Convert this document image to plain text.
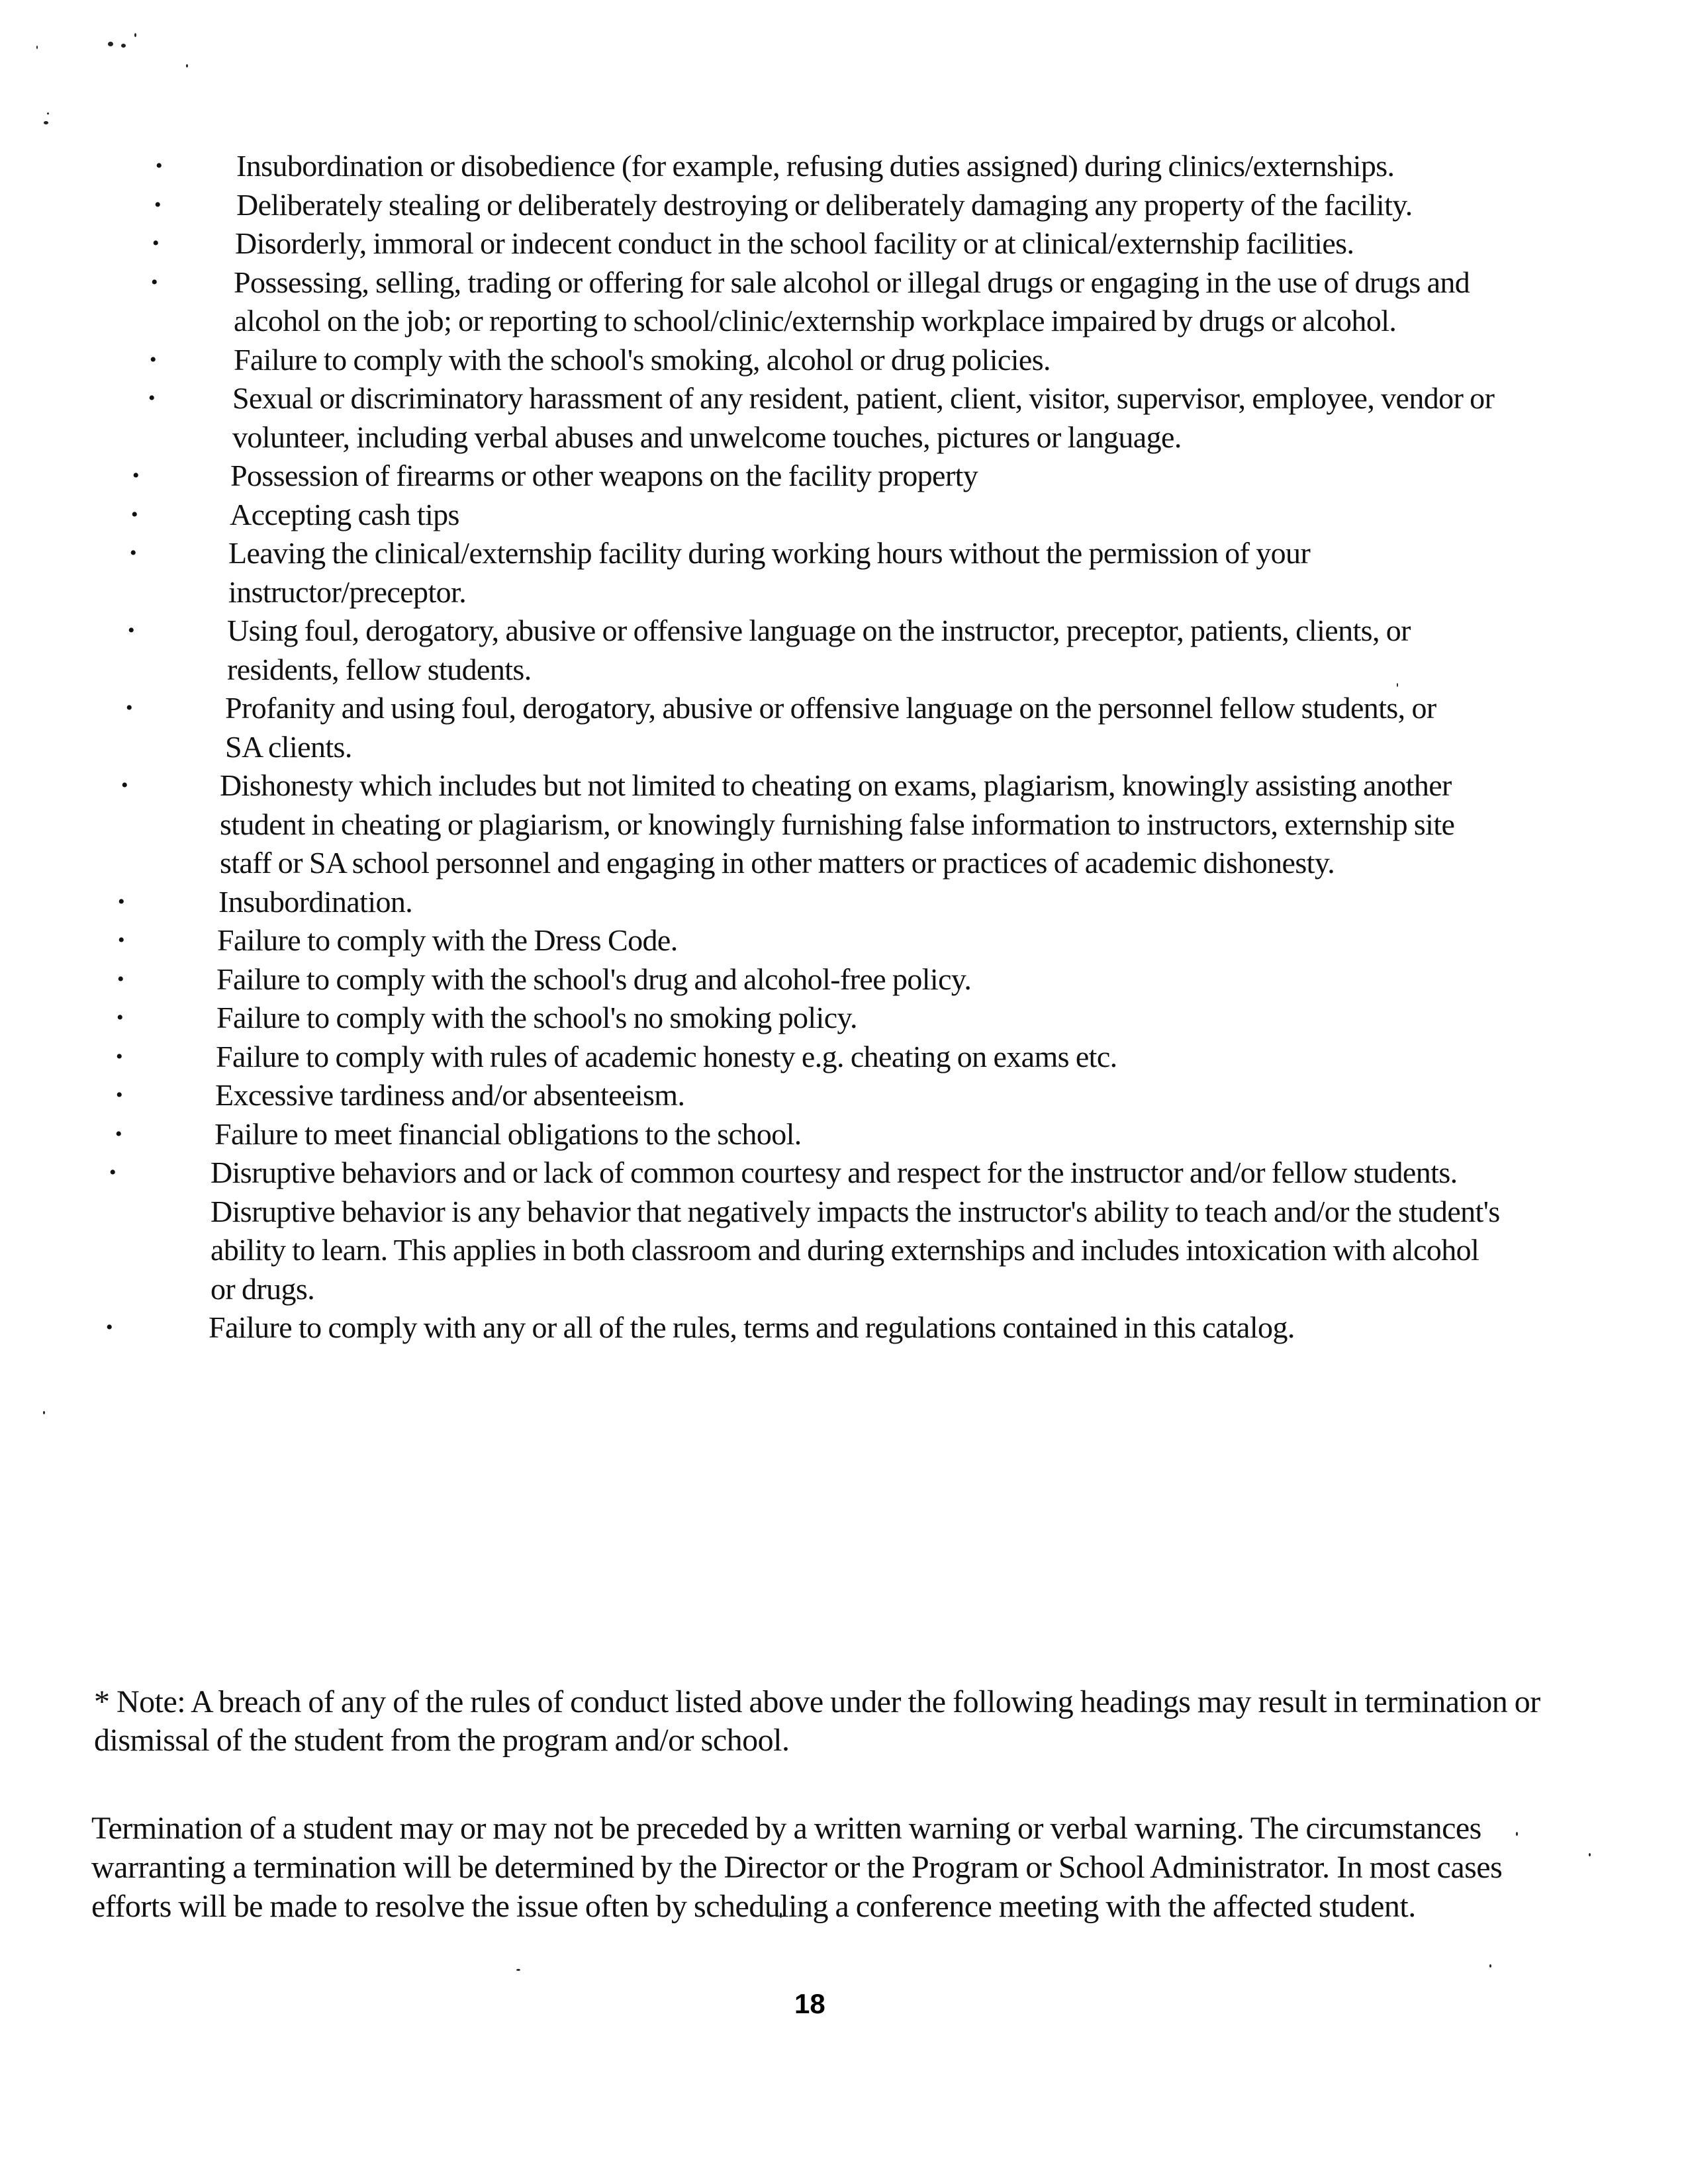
• Insubordination or disobedience (for example, refusing duties assigned) during clinics/externships.
• Deliberately stealing or deliberately destroying or deliberately damaging any property of the facility.
•	Disorderly, immoral or indecent conduct in the school facility or at clinical/externship facilities.
•	Possessing, selling, trading or offering for sale alcohol or illegal drugs or engaging in the use of drugs and alcohol on the job; or reporting to school/clinic/externship workplace impaired by drugs or alcohol.
•	Failure to comply with the school's smoking, alcohol or drug policies.
•	Sexual or discriminatory harassment of any resident, patient, client, visitor, supervisor, employee, vendor or volunteer, including verbal abuses and unwelcome touches, pictures or language.
•	Possession of firearms or other weapons on the facility property
•	Accepting cash tips
•	Leaving the clinical/externship facility during working hours without the permission of your instructor/preceptor.
•	Using foul, derogatory, abusive or offensive language on the instructor, preceptor, patients, clients, or residents, fellow students.
•	Profanity and using foul, derogatory, abusive or offensive language on the personnel fellow students, or SA clients.
•	Dishonesty which includes but not limited to cheating on exams, plagiarism, knowingly assisting another student in cheating or plagiarism, or knowingly furnishing false information to instructors, externship site staff or SA school personnel and engaging in other matters or practices of academic dishonesty.
•	Insubordination.
•	Failure to comply with the Dress Code.
•	Failure to comply with the school's drug and alcohol-free policy.
•	Failure to comply with the school's no smoking policy.
•	Failure to comply with rules of academic honesty e.g. cheating on exams etc.
•	Excessive tardiness and/or absenteeism.
•	Failure to meet financial obligations to the school.
•	Disruptive behaviors and or lack of common courtesy and respect for the instructor and/or fellow students. Disruptive behavior is any behavior that negatively impacts the instructor's ability to teach and/or the student's ability to learn. This applies in both classroom and during externships and includes intoxication with alcohol or drugs.
•	Failure to comply with any or all of the rules, terms and regulations contained in this catalog.

* Note: A breach of any of the rules of conduct listed above under the following headings may result in termination or dismissal of the student from the program and/or school.

Termination of a student may or may not be preceded by a written warning or verbal warning. The circumstances warranting a termination will be determined by the Director or the Program or School Administrator. In most cases efforts will be made to resolve the issue often by scheduling a conference meeting with the affected student.

18
